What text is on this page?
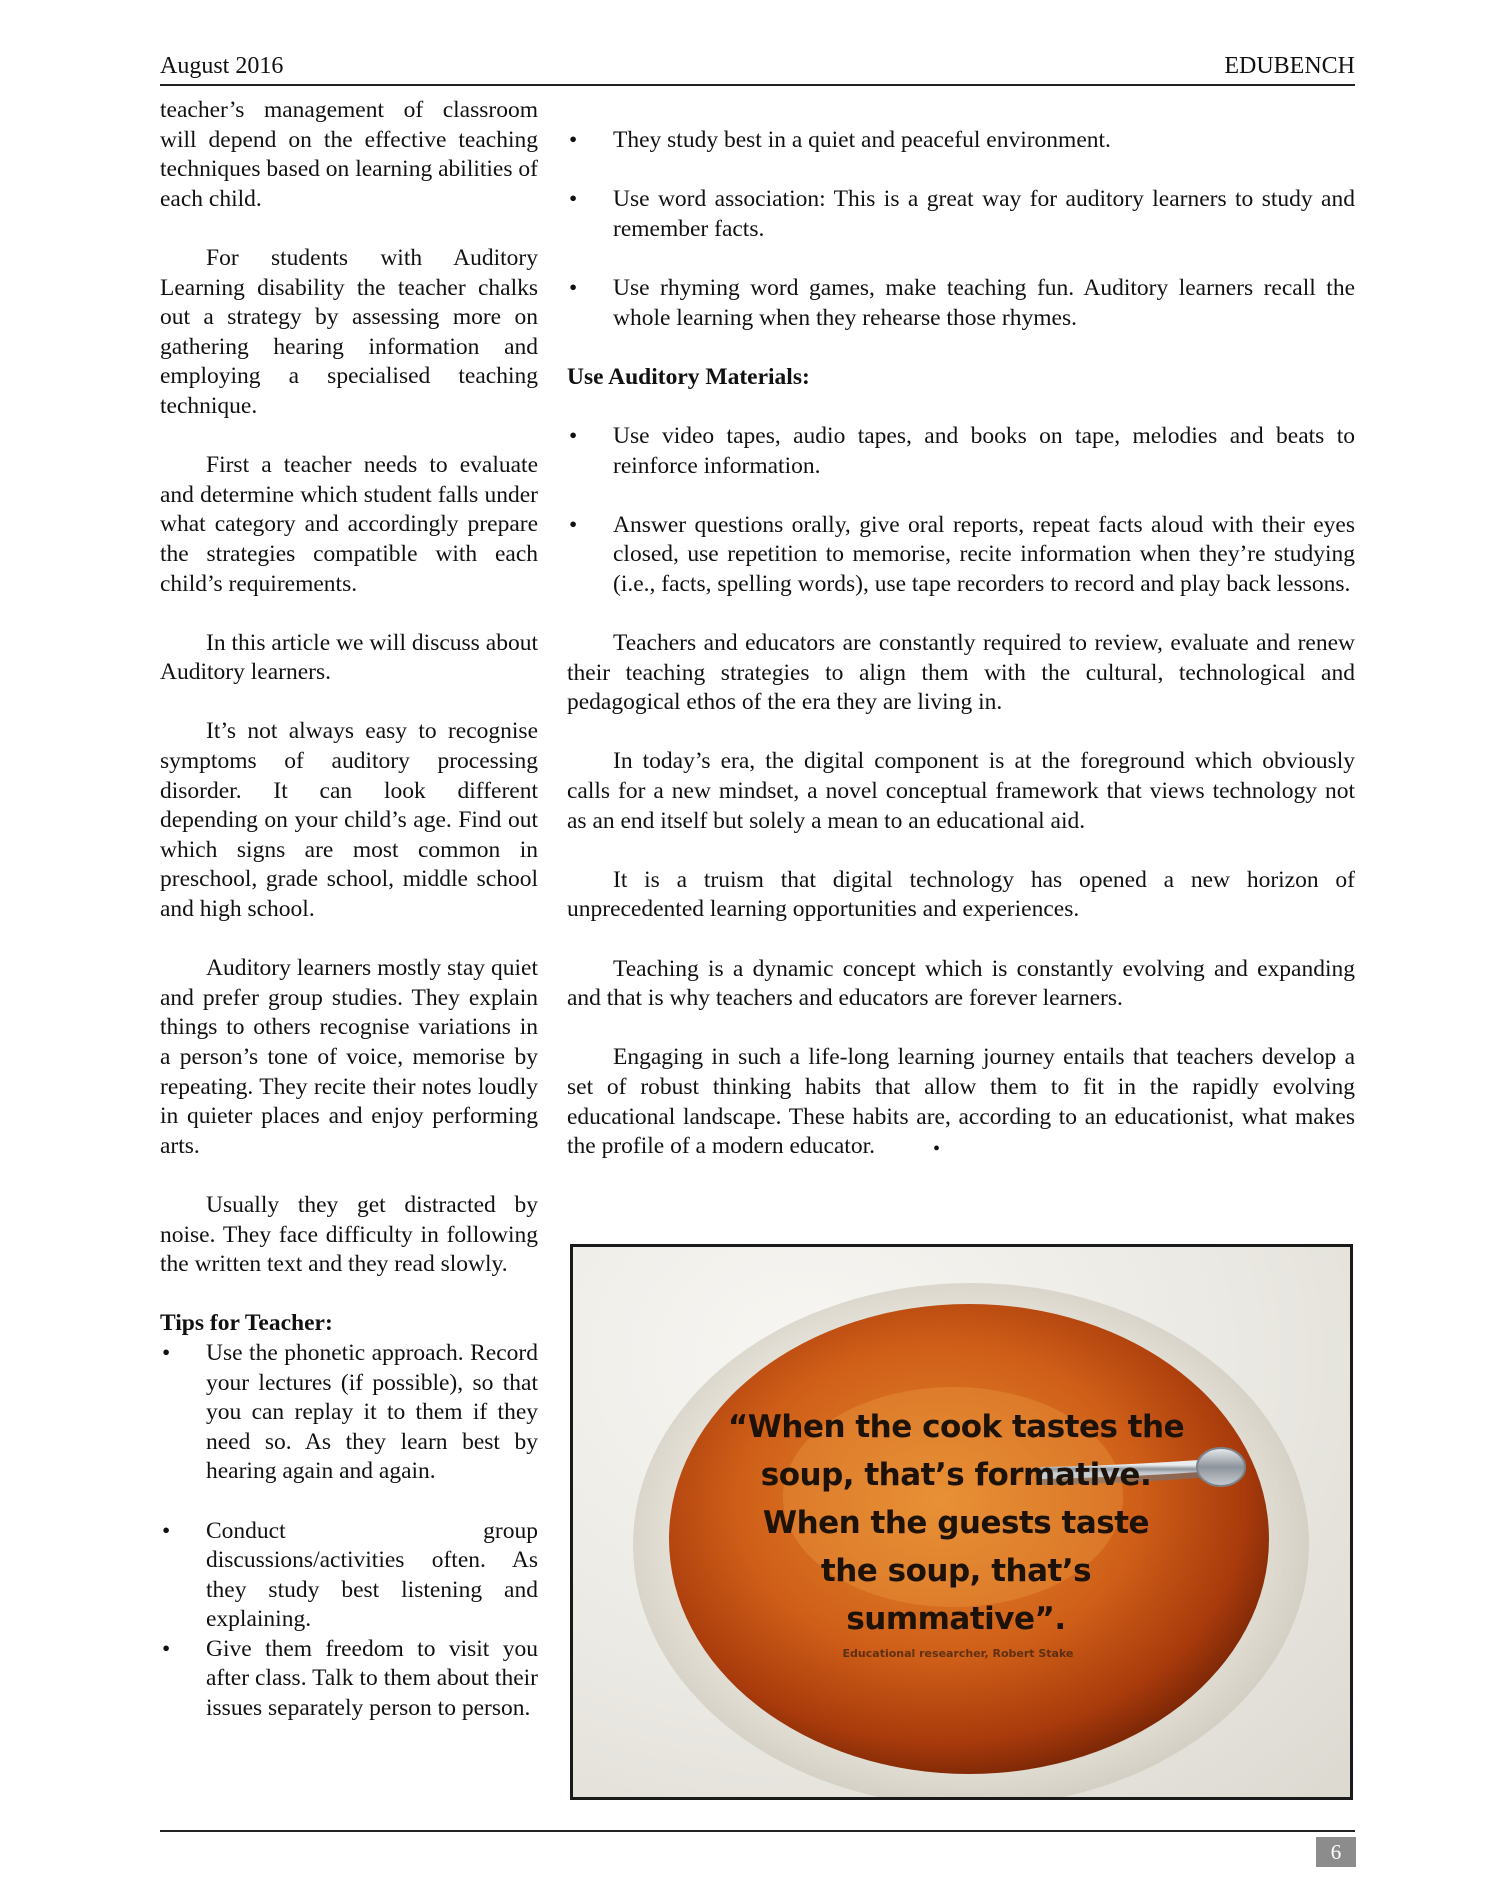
August 2016	EDUBENCH

teacher’s management of classroom will depend on the effective teaching techniques based on learning abilities of each child.

For students with Auditory Learning disability the teacher chalks out a strategy by assessing more on gathering hearing information and employing a specialised teaching technique.

First a teacher needs to evaluate and determine which student falls under what category and accordingly prepare the strategies compatible with each child’s requirements.

In this article we will discuss about Auditory learners.

It’s not always easy to recognise symptoms of auditory processing disorder. It can look different depending on your child’s age. Find out which signs are most common in preschool, grade school, middle school and high school.

Auditory learners mostly stay quiet and prefer group studies. They explain things to others recognise variations in a person’s tone of voice, memorise by repeating. They recite their notes loudly in quieter places and enjoy performing arts.

Usually they get distracted by noise. They face difficulty in following the written text and they read slowly.

Tips for Teacher:

• Use the phonetic approach. Record your lectures (if possible), so that you can replay it to them if they need so. As they learn best by hearing again and again.
• Conduct group discussions/activities often. As they study best listening and explaining.
• Give them freedom to visit you after class. Talk to them about their issues separately person to person.
• They study best in a quiet and peaceful environment.
• Use word association: This is a great way for auditory learners to study and remember facts.
• Use rhyming word games, make teaching fun. Auditory learners recall the whole learning when they rehearse those rhymes.

Use Auditory Materials:

• Use video tapes, audio tapes, and books on tape, melodies and beats to reinforce information.
• Answer questions orally, give oral reports, repeat facts aloud with their eyes closed, use repetition to memorise, recite information when they’re studying (i.e., facts, spelling words), use tape recorders to record and play back lessons.

Teachers and educators are constantly required to review, evaluate and renew their teaching strategies to align them with the cultural, technological and pedagogical ethos of the era they are living in.

In today’s era, the digital component is at the foreground which obviously calls for a new mindset, a novel conceptual framework that views technology not as an end itself but solely a mean to an educational aid.

It is a truism that digital technology has opened a new horizon of unprecedented learning opportunities and experiences.

Teaching is a dynamic concept which is constantly evolving and expanding and that is why teachers and educators are forever learners.

Engaging in such a life-long learning journey entails that teachers develop a set of robust thinking habits that allow them to fit in the rapidly evolving educational landscape. These habits are, according to an educationist, what makes the profile of a modern educator.	•

“When the cook tastes the
soup, that’s formative.
When the guests taste
the soup, that’s
summative”.
Educational researcher, Robert Stake
6
